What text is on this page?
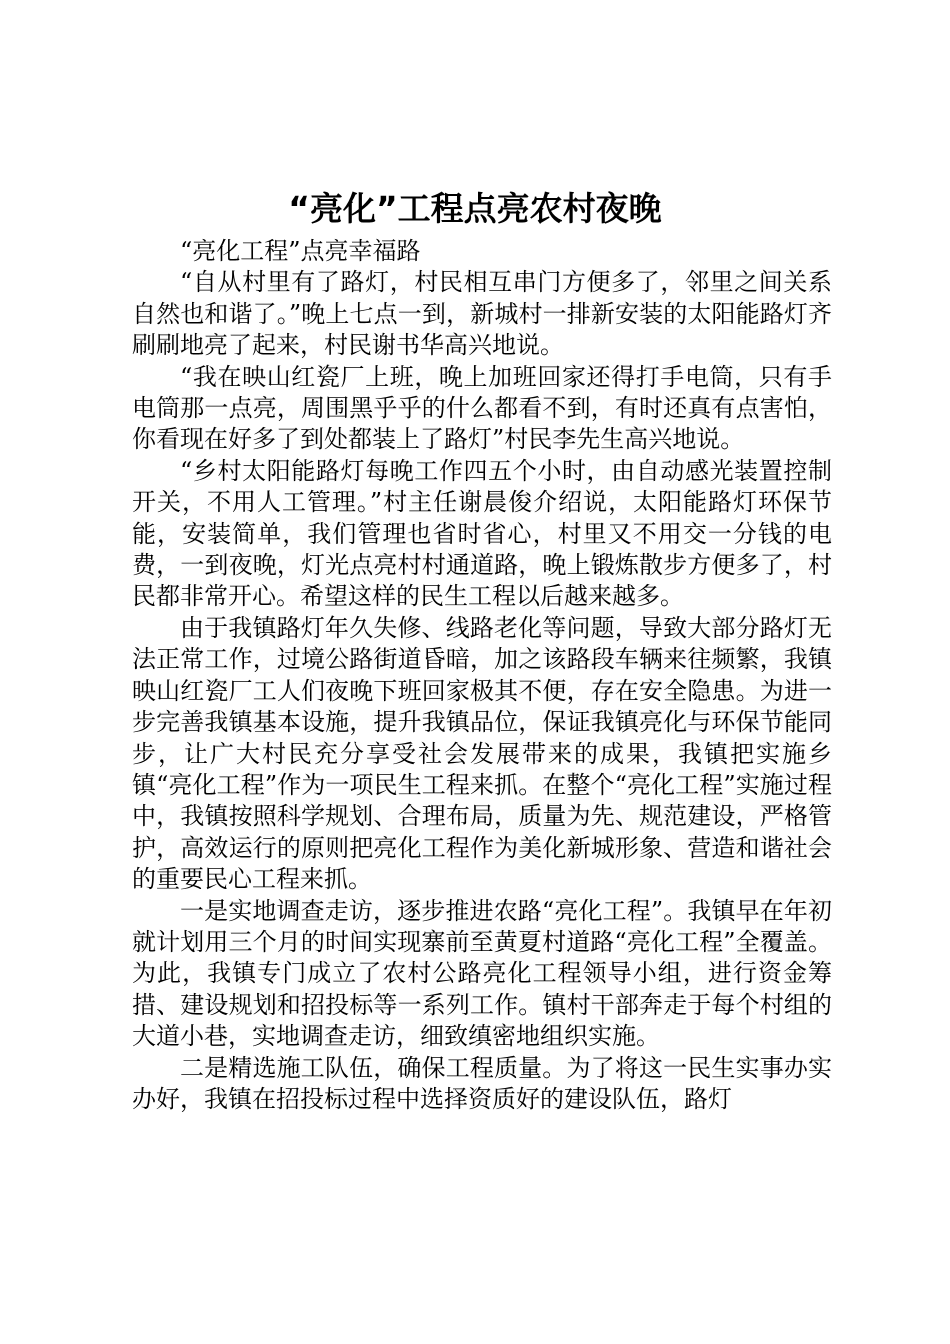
“亮化”工程点亮农村夜晚

“亮化工程”点亮幸福路

“自从村里有了路灯，村民相互串门方便多了，邻里之间关系自然也和谐了。”晚上七点一到，新城村一排新安装的太阳能路灯齐刷刷地亮了起来，村民谢书华高兴地说。

“我在映山红瓷厂上班，晚上加班回家还得打手电筒，只有手电筒那一点亮，周围黑乎乎的什么都看不到，有时还真有点害怕，你看现在好多了到处都装上了路灯”村民李先生高兴地说。

“乡村太阳能路灯每晚工作四五个小时，由自动感光装置控制开关，不用人工管理。”村主任谢晨俊介绍说，太阳能路灯环保节能，安装简单，我们管理也省时省心，村里又不用交一分钱的电费，一到夜晚，灯光点亮村村通道路，晚上锻炼散步方便多了，村民都非常开心。希望这样的民生工程以后越来越多。

由于我镇路灯年久失修、线路老化等问题，导致大部分路灯无法正常工作，过境公路街道昏暗，加之该路段车辆来往频繁，我镇映山红瓷厂工人们夜晚下班回家极其不便，存在安全隐患。为进一步完善我镇基本设施，提升我镇品位，保证我镇亮化与环保节能同步，让广大村民充分享受社会发展带来的成果，我镇把实施乡镇“亮化工程”作为一项民生工程来抓。在整个“亮化工程”实施过程中，我镇按照科学规划、合理布局，质量为先、规范建设，严格管护，高效运行的原则把亮化工程作为美化新城形象、营造和谐社会的重要民心工程来抓。

一是实地调查走访，逐步推进农路“亮化工程”。我镇早在年初就计划用三个月的时间实现寨前至黄夏村道路“亮化工程”全覆盖。为此，我镇专门成立了农村公路亮化工程领导小组，进行资金筹措、建设规划和招投标等一系列工作。镇村干部奔走于每个村组的大道小巷，实地调查走访，细致缜密地组织实施。

二是精选施工队伍，确保工程质量。为了将这一民生实事办实办好，我镇在招投标过程中选择资质好的建设队伍，路灯
